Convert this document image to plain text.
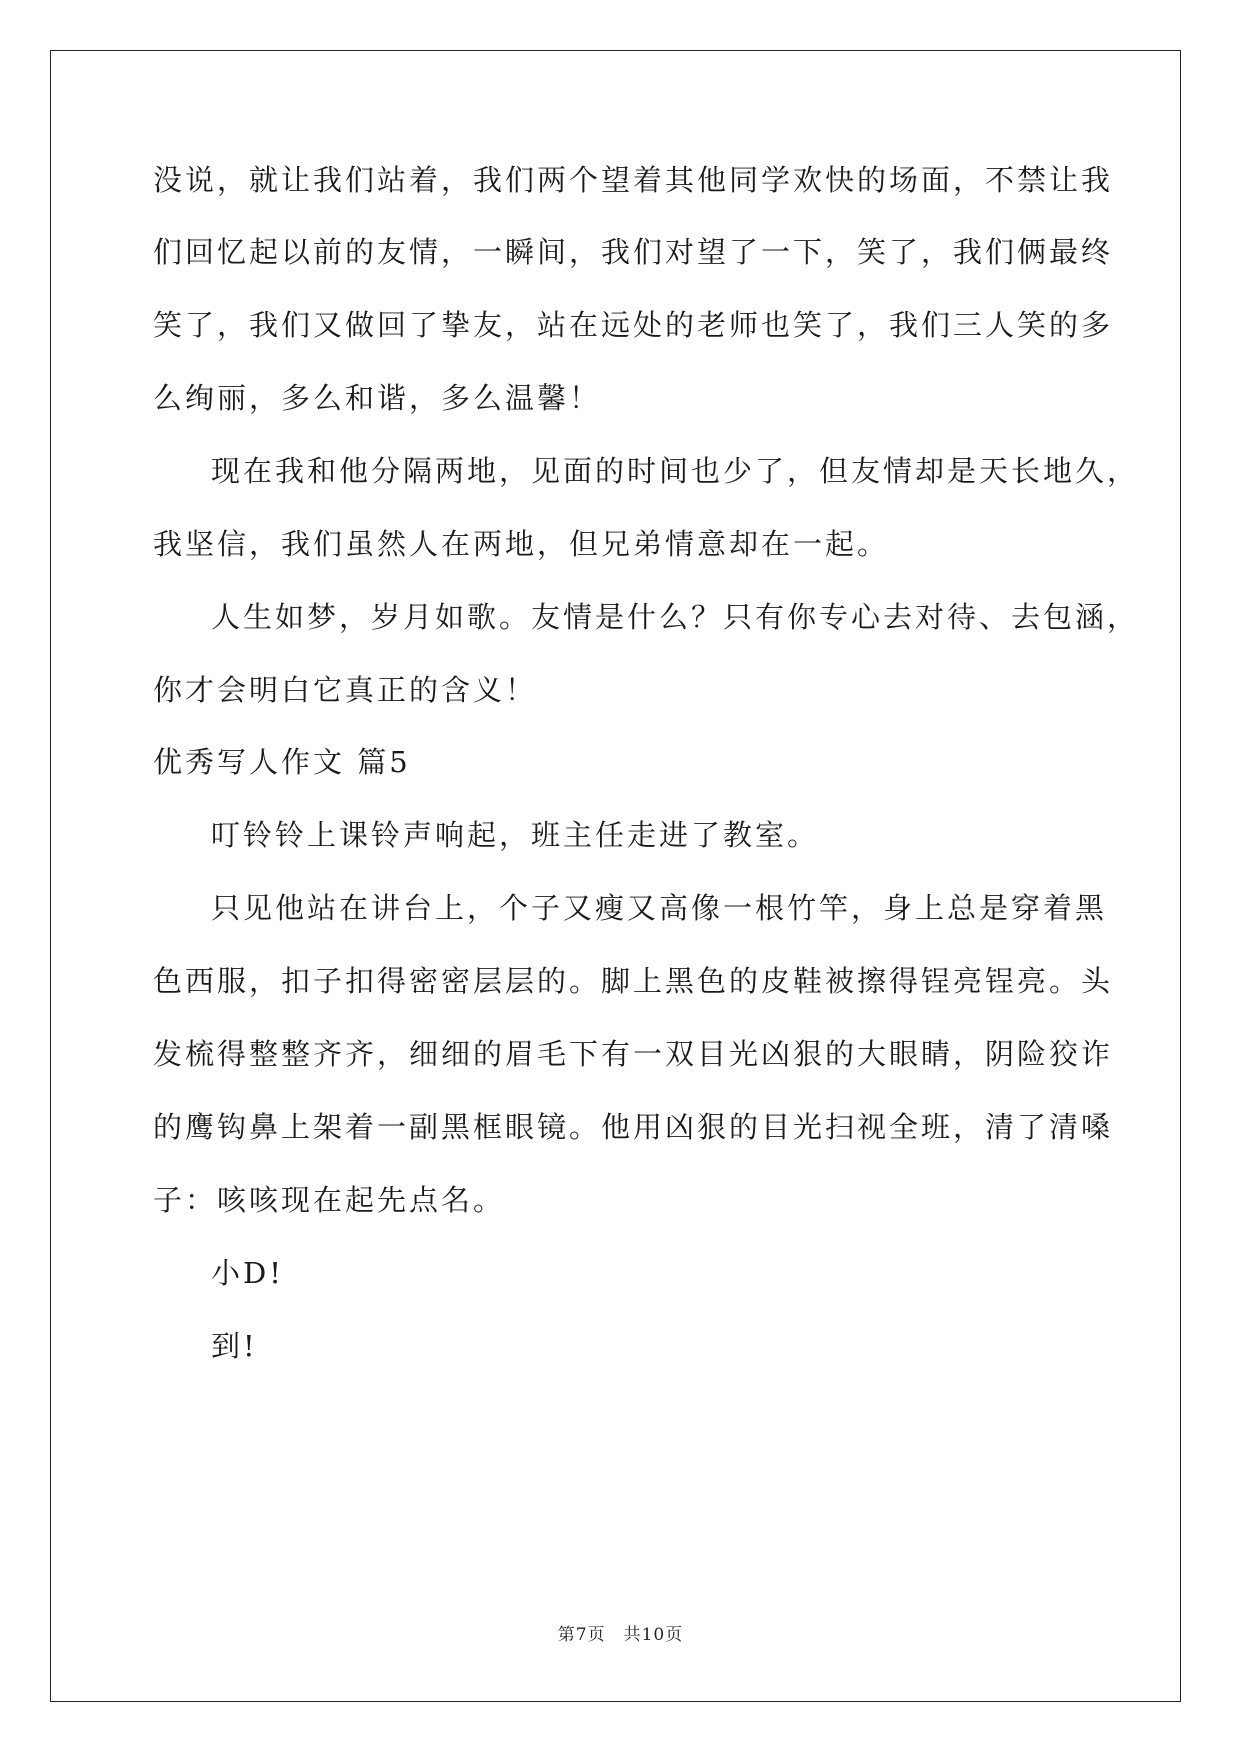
没说，就让我们站着，我们两个望着其他同学欢快的场面，不禁让我
们回忆起以前的友情，一瞬间，我们对望了一下，笑了，我们俩最终
笑了，我们又做回了挚友，站在远处的老师也笑了，我们三人笑的多
么绚丽，多么和谐，多么温馨！
现在我和他分隔两地，见面的时间也少了，但友情却是天长地久，
我坚信，我们虽然人在两地，但兄弟情意却在一起。
人生如梦，岁月如歌。友情是什么？只有你专心去对待、去包涵，
你才会明白它真正的含义！
优秀写人作文 篇5
叮铃铃上课铃声响起，班主任走进了教室。
只见他站在讲台上，个子又瘦又高像一根竹竿，身上总是穿着黑
色西服，扣子扣得密密层层的。脚上黑色的皮鞋被擦得锃亮锃亮。头
发梳得整整齐齐，细细的眉毛下有一双目光凶狠的大眼睛，阴险狡诈
的鹰钩鼻上架着一副黑框眼镜。他用凶狠的目光扫视全班，清了清嗓
子：咳咳现在起先点名。
小D!
到!
第7页　共10页
